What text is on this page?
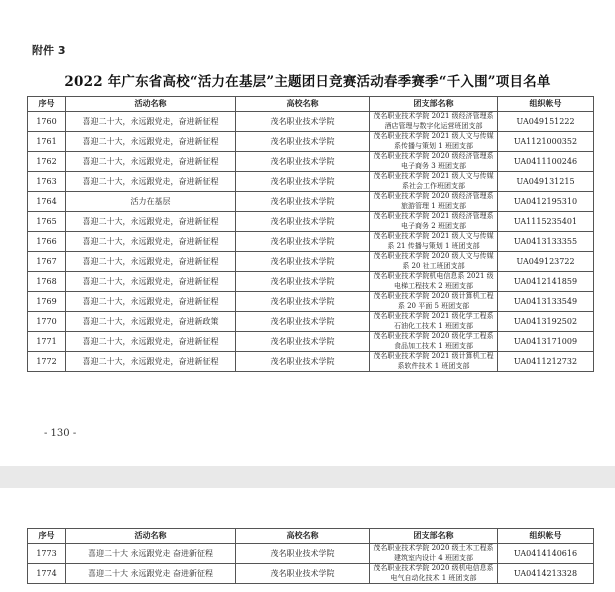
附件 3
2022 年广东省高校“活力在基层”主题团日竞赛活动春季赛季“千入围”项目名单
序号	活动名称	高校名称	团支部名称	组织帐号
1760	喜迎二十大，永远跟党走，奋进新征程	茂名职业技术学院	茂名职业技术学院 2021 级经济管理系酒店管理与数字化运营班团支部	UA049151222
1761	喜迎二十大，永远跟党走，奋进新征程	茂名职业技术学院	茂名职业技术学院 2021 级人文与传媒系传播与策划 1 班团支部	UA1121000352
1762	喜迎二十大，永远跟党走，奋进新征程	茂名职业技术学院	茂名职业技术学院 2020 级经济管理系电子商务 3 班团支部	UA0411100246
1763	喜迎二十大，永远跟党走，奋进新征程	茂名职业技术学院	茂名职业技术学院 2021 级人文与传媒系社会工作班团支部	UA049131215
1764	活力在基层	茂名职业技术学院	茂名职业技术学院 2020 级经济管理系旅游管理 1 班团支部	UA0412195310
1765	喜迎二十大，永远跟党走，奋进新征程	茂名职业技术学院	茂名职业技术学院 2021 级经济管理系电子商务 2 班团支部	UA1115235401
1766	喜迎二十大，永远跟党走，奋进新征程	茂名职业技术学院	茂名职业技术学院 2021 级人文与传媒系 21 传播与策划 1 班团支部	UA0413133355
1767	喜迎二十大，永远跟党走，奋进新征程	茂名职业技术学院	茂名职业技术学院 2020 级人文与传媒系 20 社工班团支部	UA049123722
1768	喜迎二十大，永远跟党走，奋进新征程	茂名职业技术学院	茂名职业技术学院机电信息系 2021 级电梯工程技术 2 班团支部	UA0412141859
1769	喜迎二十大，永远跟党走，奋进新征程	茂名职业技术学院	茂名职业技术学院 2020 级计算机工程系 20 平面 5 班团支部	UA0413133549
1770	喜迎二十大，永远跟党走，奋进新政策	茂名职业技术学院	茂名职业技术学院 2021 级化学工程系石油化工技术 1 班团支部	UA0413192502
1771	喜迎二十大，永远跟党走，奋进新征程	茂名职业技术学院	茂名职业技术学院 2020 级化学工程系食品加工技术 1 班团支部	UA0413171009
1772	喜迎二十大，永远跟党走，奋进新征程	茂名职业技术学院	茂名职业技术学院 2021 级计算机工程系软件技术 1 班团支部	UA0411212732
- 130 -
序号	活动名称	高校名称	团支部名称	组织帐号
1773	喜迎二十大 永远跟党走 奋进新征程	茂名职业技术学院	茂名职业技术学院 2020 级土木工程系建筑室内设计 4 班团支部	UA0414140616
1774	喜迎二十大 永远跟党走 奋进新征程	茂名职业技术学院	茂名职业技术学院 2020 级机电信息系电气自动化技术 1 班团支部	UA0414213328
